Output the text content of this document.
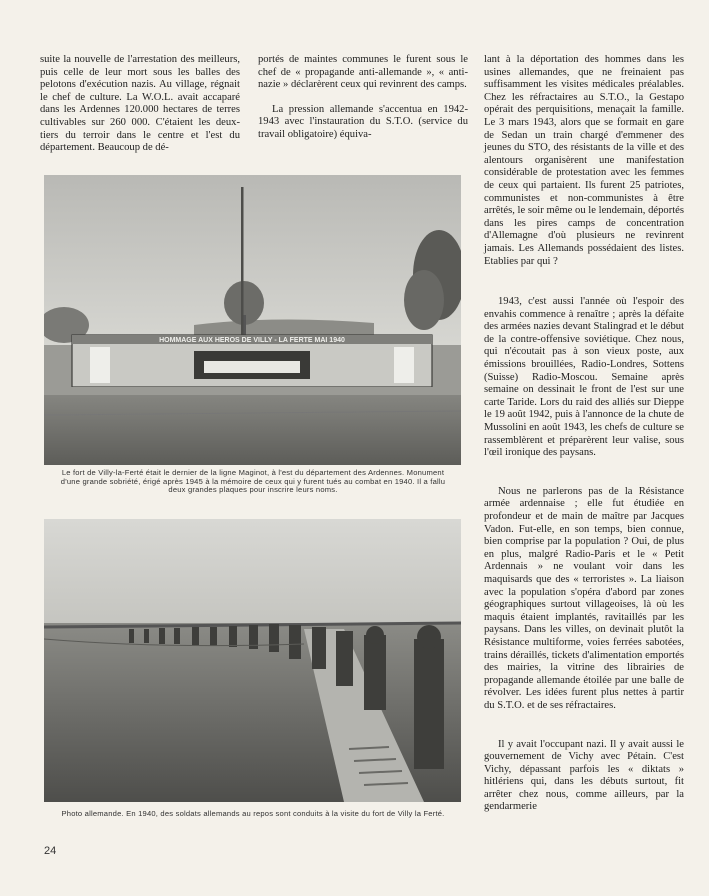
suite la nouvelle de l'arrestation des meilleurs, puis celle de leur mort sous les balles des pelotons d'exécution nazis. Au village, régnait le chef de culture. La W.O.L. avait accaparé dans les Ardennes 120.000 hectares de terres cultivables sur 260 000. C'étaient les deux-tiers du terroir dans le centre et l'est du département. Beaucoup de dé-

portés de maintes communes le furent sous le chef de « propagande anti-allemande », « anti-nazie » déclarèrent ceux qui revinrent des camps.

La pression allemande s'accentua en 1942-1943 avec l'instauration du S.T.O. (service du travail obligatoire) équiva-

lant à la déportation des hommes dans les usines allemandes, que ne freinaient pas suffisamment les visites médicales préalables. Chez les réfractaires au S.T.O., la Gestapo opérait des perquisitions, menaçait la famille. Le 3 mars 1943, alors que se formait en gare de Sedan un train chargé d'emmener des jeunes du STO, des résistants de la ville et des alentours organisèrent une manifestation considérable de protestation avec les femmes de ceux qui partaient. Ils furent 25 patriotes, communistes et non-communistes à être arrêtés, le soir même ou le lendemain, déportés dans les pires camps de concentration d'Allemagne d'où plusieurs ne revinrent jamais. Les Allemands possédaient des listes. Etablies par qui ?

1943, c'est aussi l'année où l'espoir des envahis commence à renaître ; après la défaite des armées nazies devant Stalingrad et le début de la contre-offensive soviétique. Chez nous, qui n'écoutait pas à son vieux poste, aux émissions brouillées, Radio-Londres, Sottens (Suisse) Radio-Moscou. Semaine après semaine on dessinait le front de l'est sur une carte Taride. Lors du raid des alliés sur Dieppe le 19 août 1942, puis à l'annonce de la chute de Mussolini en août 1943, les chefs de culture se rassemblèrent et préparèrent leur valise, sous l'œil ironique des paysans.

Nous ne parlerons pas de la Résistance armée ardennaise ; elle fut étudiée en profondeur et de main de maître par Jacques Vadon. Fut-elle, en son temps, bien connue, bien comprise par la population ? Oui, de plus en plus, malgré Radio-Paris et le « Petit Ardennais » ne voulant voir dans les maquisards que des « terroristes ». La liaison avec la population s'opéra d'abord par zones géographiques surtout villageoises, là où les maquis étaient implantés, ravitaillés par les paysans. Dans les villes, on devinait plutôt la Résistance multiforme, voies ferrées sabotées, trains déraillés, tickets d'alimentation emportés des mairies, la vitrine des librairies de propagande allemande étoilée par une balle de révolver. Les idées furent plus nettes à partir du S.T.O. et de ses réfractaires.

Il y avait l'occupant nazi. Il y avait aussi le gouvernement de Vichy avec Pétain. C'est Vichy, dépassant parfois les « diktats » hitlériens qui, dans les débuts surtout, fit arrêter chez nous, comme ailleurs, par la gendarmerie

HOMMAGE AUX HEROS DE VILLY - LA FERTE MAI 1940
Le fort de Villy-la-Ferté était le dernier de la ligne Maginot, à l'est du département des Ardennes. Monument d'une grande sobriété, érigé après 1945 à la mémoire de ceux qui y furent tués au combat en 1940. Il a fallu deux grandes plaques pour inscrire leurs noms.
Photo allemande. En 1940, des soldats allemands au repos sont conduits à la visite du fort de Villy la Ferté.
24
